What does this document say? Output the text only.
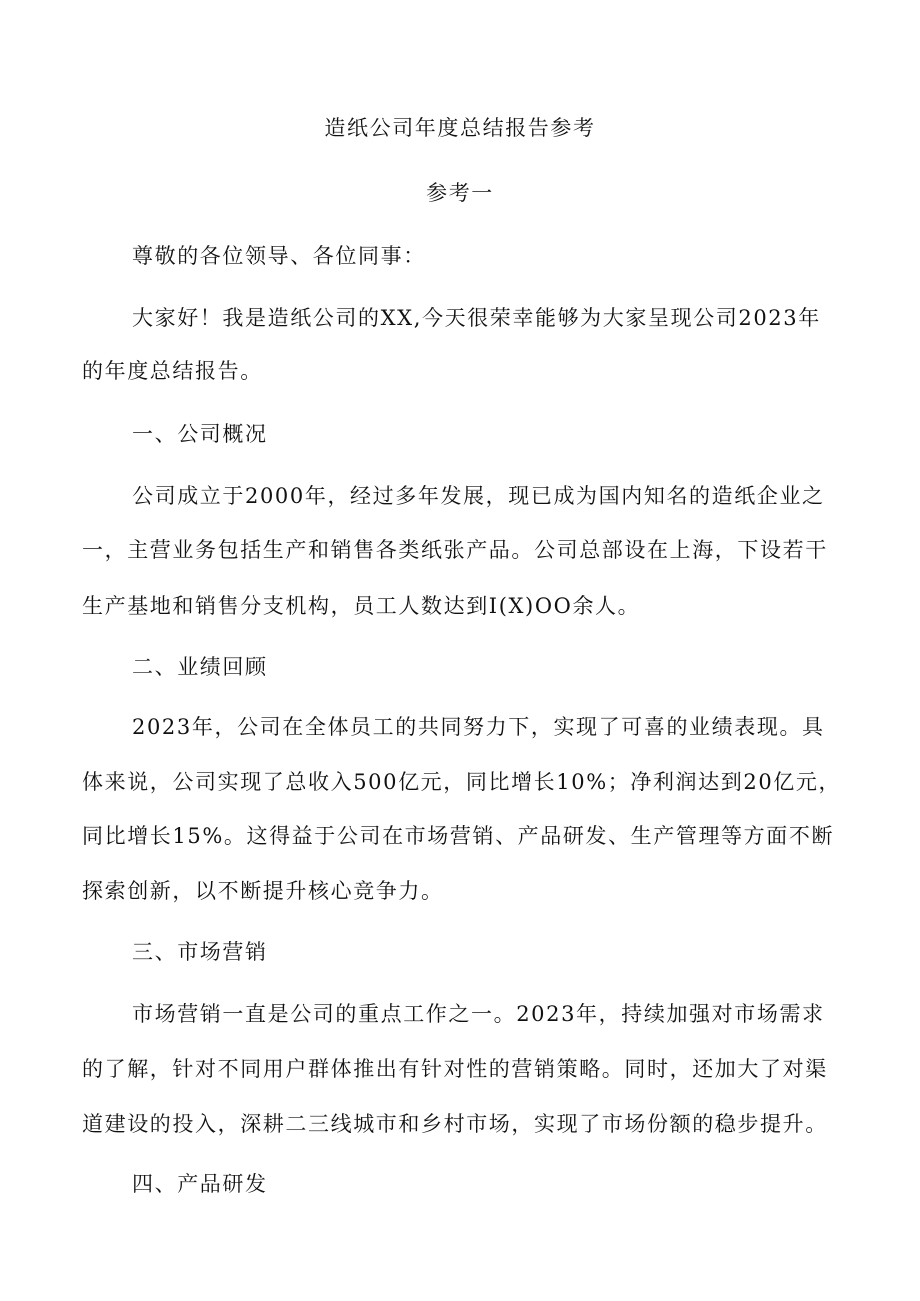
造纸公司年度总结报告参考
参考一
尊敬的各位领导、各位同事：
大家好！我是造纸公司的XX,今天很荣幸能够为大家呈现公司2023年
的年度总结报告。
一、公司概况
公司成立于2000年，经过多年发展，现已成为国内知名的造纸企业之
一，主营业务包括生产和销售各类纸张产品。公司总部设在上海，下设若干
生产基地和销售分支机构，员工人数达到I(X)OO余人。
二、业绩回顾
2023年，公司在全体员工的共同努力下，实现了可喜的业绩表现。具
体来说，公司实现了总收入500亿元，同比增长10%；净利润达到20亿元，
同比增长15%。这得益于公司在市场营销、产品研发、生产管理等方面不断
探索创新，以不断提升核心竞争力。
三、市场营销
市场营销一直是公司的重点工作之一。2023年，持续加强对市场需求
的了解，针对不同用户群体推出有针对性的营销策略。同时，还加大了对渠
道建设的投入，深耕二三线城市和乡村市场，实现了市场份额的稳步提升。
四、产品研发
